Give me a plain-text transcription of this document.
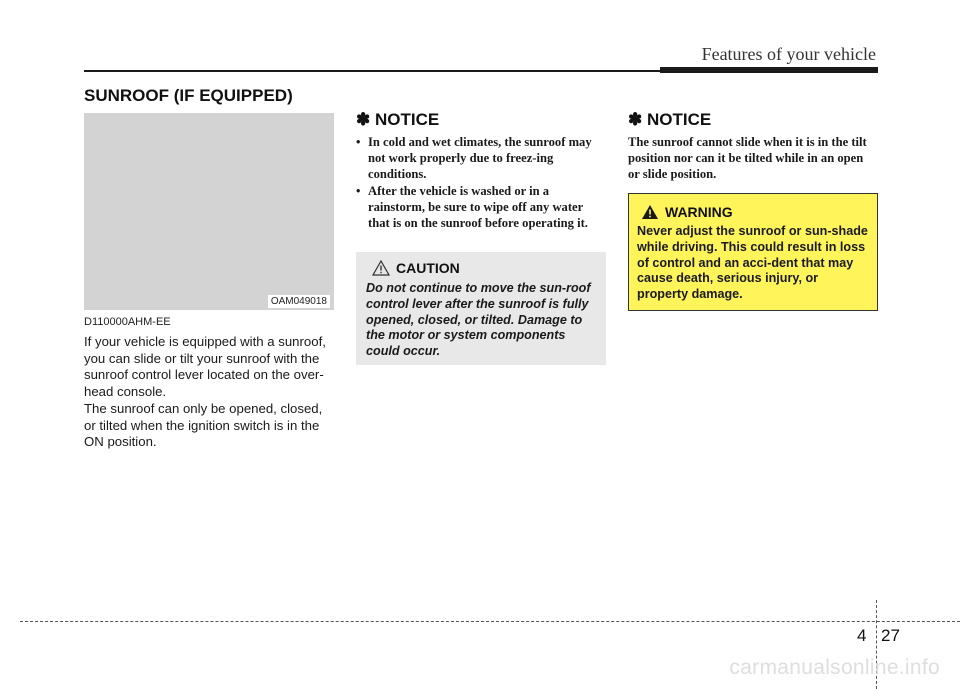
Features of your vehicle
SUNROOF (IF EQUIPPED)
OAM049018
D110000AHM-EE

If your vehicle is equipped with a sunroof, you can slide or tilt your sunroof with the sunroof control lever located on the over-head console.

The sunroof can only be opened, closed, or tilted when the ignition switch is in the ON position.

✽ NOTICE
• In cold and wet climates, the sunroof may not work properly due to freez-ing conditions.
• After the vehicle is washed or in a rainstorm, be sure to wipe off any water that is on the sunroof before operating it.
CAUTION

Do not continue to move the sun-roof control lever after the sunroof is fully opened, closed, or tilted. Damage to the motor or system components could occur.

✽ NOTICE

The sunroof cannot slide when it is in the tilt position nor can it be tilted while in an open or slide position.

WARNING

Never adjust the sunroof or sun-shade while driving. This could result in loss of control and an acci-dent that may cause death, serious injury, or property damage.

4 27
carmanualsonline.info
